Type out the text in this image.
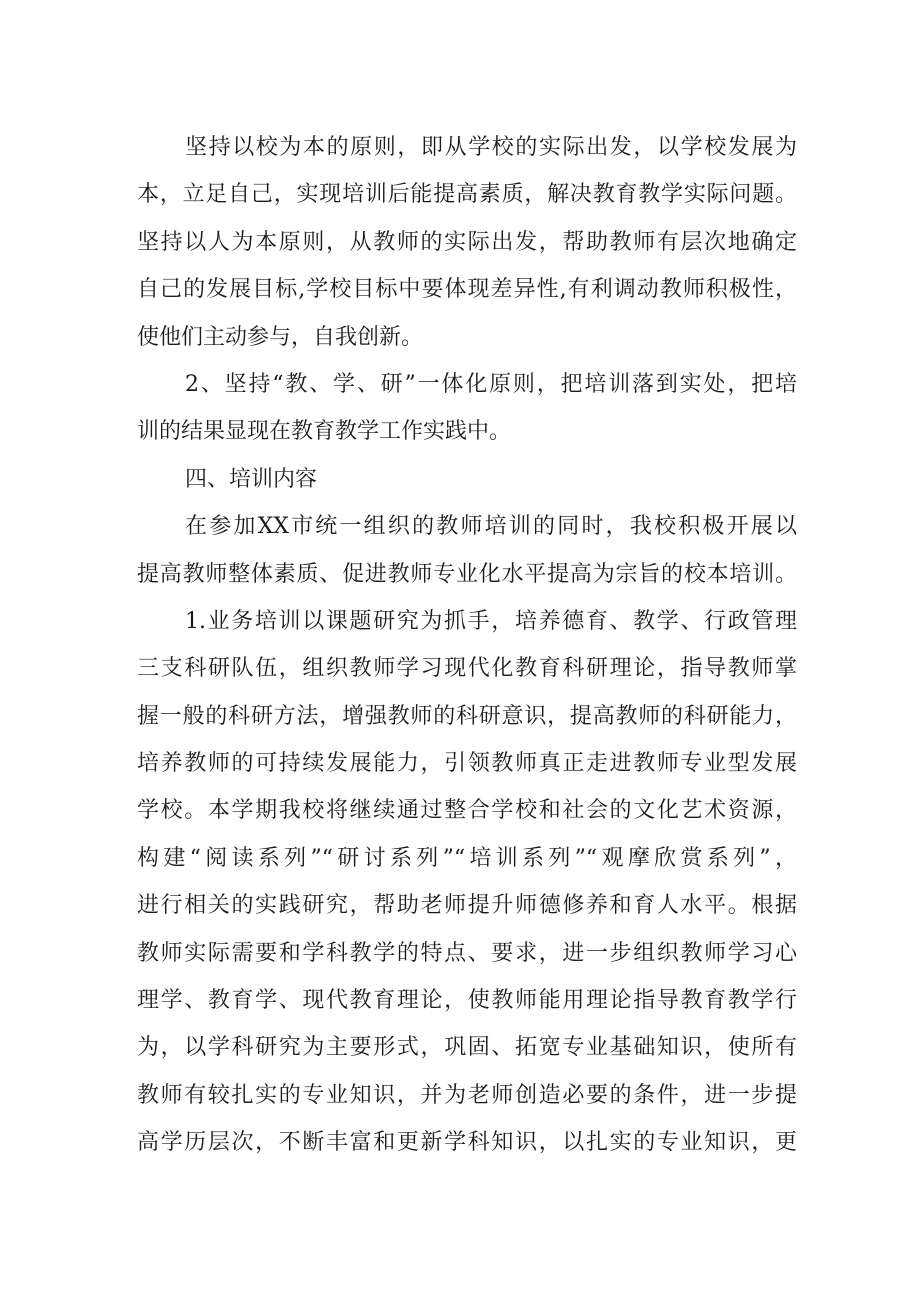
坚持以校为本的原则，即从学校的实际出发，以学校发展为
本，立足自己，实现培训后能提高素质，解决教育教学实际问题。
坚持以人为本原则，从教师的实际出发，帮助教师有层次地确定
自己的发展目标,学校目标中要体现差异性,有利调动教师积极性，
使他们主动参与，自我创新。
2、坚持“教、学、研”一体化原则，把培训落到实处，把培
训的结果显现在教育教学工作实践中。
四、培训内容
在参加XX市统一组织的教师培训的同时，我校积极开展以
提高教师整体素质、促进教师专业化水平提高为宗旨的校本培训。
1.业务培训以课题研究为抓手，培养德育、教学、行政管理
三支科研队伍，组织教师学习现代化教育科研理论，指导教师掌
握一般的科研方法，增强教师的科研意识，提高教师的科研能力，
培养教师的可持续发展能力，引领教师真正走进教师专业型发展
学校。本学期我校将继续通过整合学校和社会的文化艺术资源，
构建“阅读系列”“研讨系列”“培训系列”“观摩欣赏系列”，
进行相关的实践研究，帮助老师提升师德修养和育人水平。根据
教师实际需要和学科教学的特点、要求，进一步组织教师学习心
理学、教育学、现代教育理论，使教师能用理论指导教育教学行
为，以学科研究为主要形式，巩固、拓宽专业基础知识，使所有
教师有较扎实的专业知识，并为老师创造必要的条件，进一步提
高学历层次，不断丰富和更新学科知识，以扎实的专业知识，更
